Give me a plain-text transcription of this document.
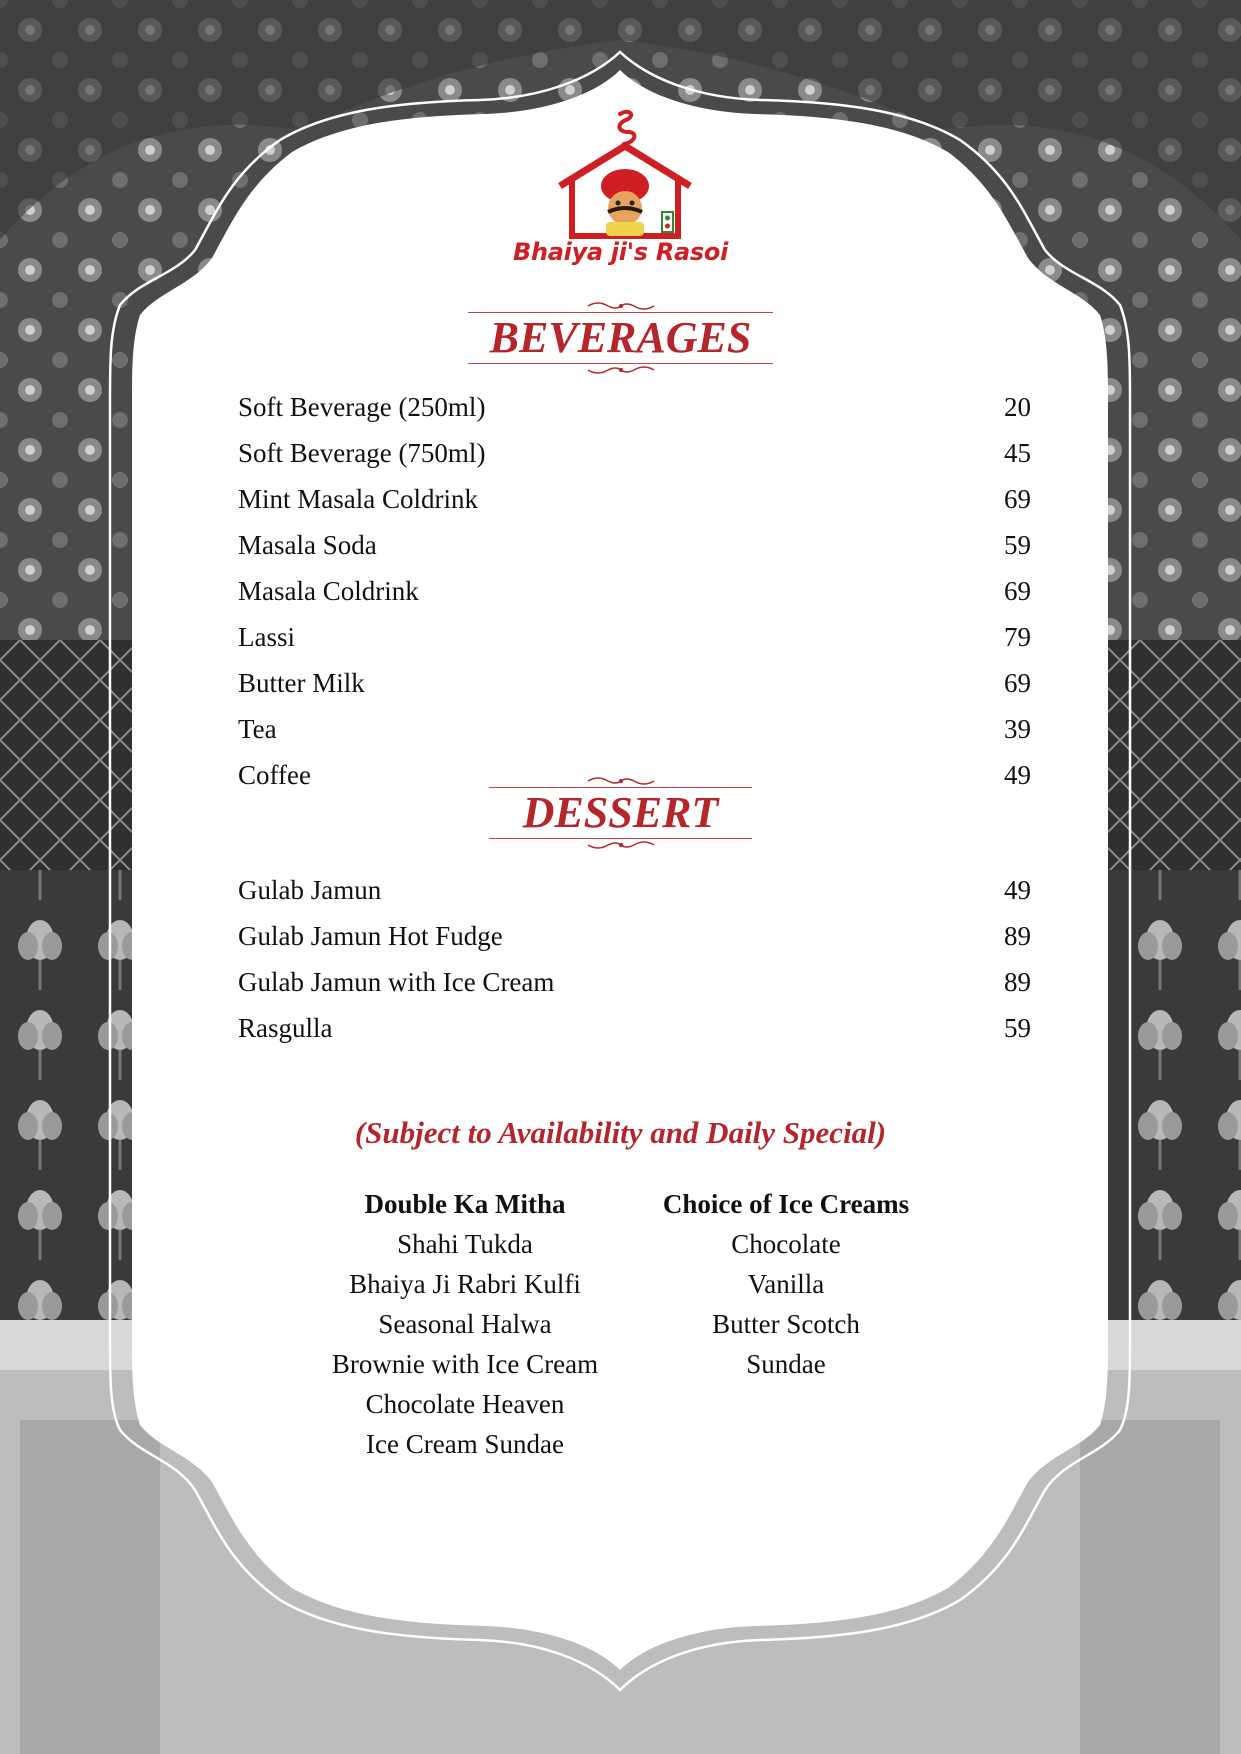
Bhaiya ji's Rasoi
BEVERAGES
Soft Beverage (250ml)	20
Soft Beverage (750ml)	45
Mint Masala Coldrink	69
Masala Soda	59
Masala Coldrink	69
Lassi	79
Butter Milk	69
Tea	39
Coffee	49
DESSERT
Gulab Jamun	49
Gulab Jamun Hot Fudge	89
Gulab Jamun with Ice Cream	89
Rasgulla	59
(Subject to Availability and Daily Special)
Double Ka Mitha
Shahi Tukda
Bhaiya Ji Rabri Kulfi
Seasonal Halwa
Brownie with Ice Cream
Chocolate Heaven
Ice Cream Sundae
Choice of Ice Creams
Chocolate
Vanilla
Butter Scotch
Sundae
